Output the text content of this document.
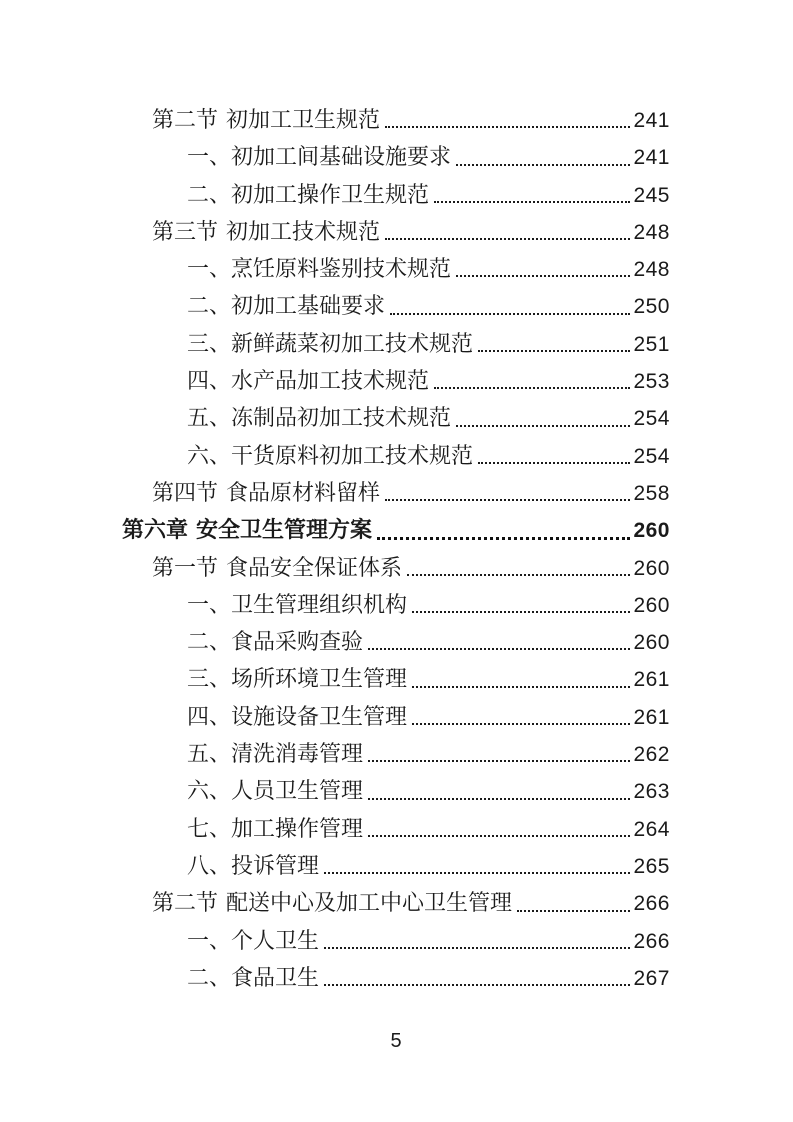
第二节 初加工卫生规范	241
一、 初加工间基础设施要求	241
二、 初加工操作卫生规范	245
第三节 初加工技术规范	248
一、 烹饪原料鉴别技术规范	248
二、 初加工基础要求	250
三、 新鲜蔬菜初加工技术规范	251
四、 水产品加工技术规范	253
五、 冻制品初加工技术规范	254
六、 干货原料初加工技术规范	254
第四节 食品原材料留样	258
第六章 安全卫生管理方案	260
第一节 食品安全保证体系	260
一、 卫生管理组织机构	260
二、 食品采购查验	260
三、 场所环境卫生管理	261
四、 设施设备卫生管理	261
五、 清洗消毒管理	262
六、 人员卫生管理	263
七、 加工操作管理	264
八、 投诉管理	265
第二节 配送中心及加工中心卫生管理	266
一、 个人卫生	266
二、 食品卫生	267
5
